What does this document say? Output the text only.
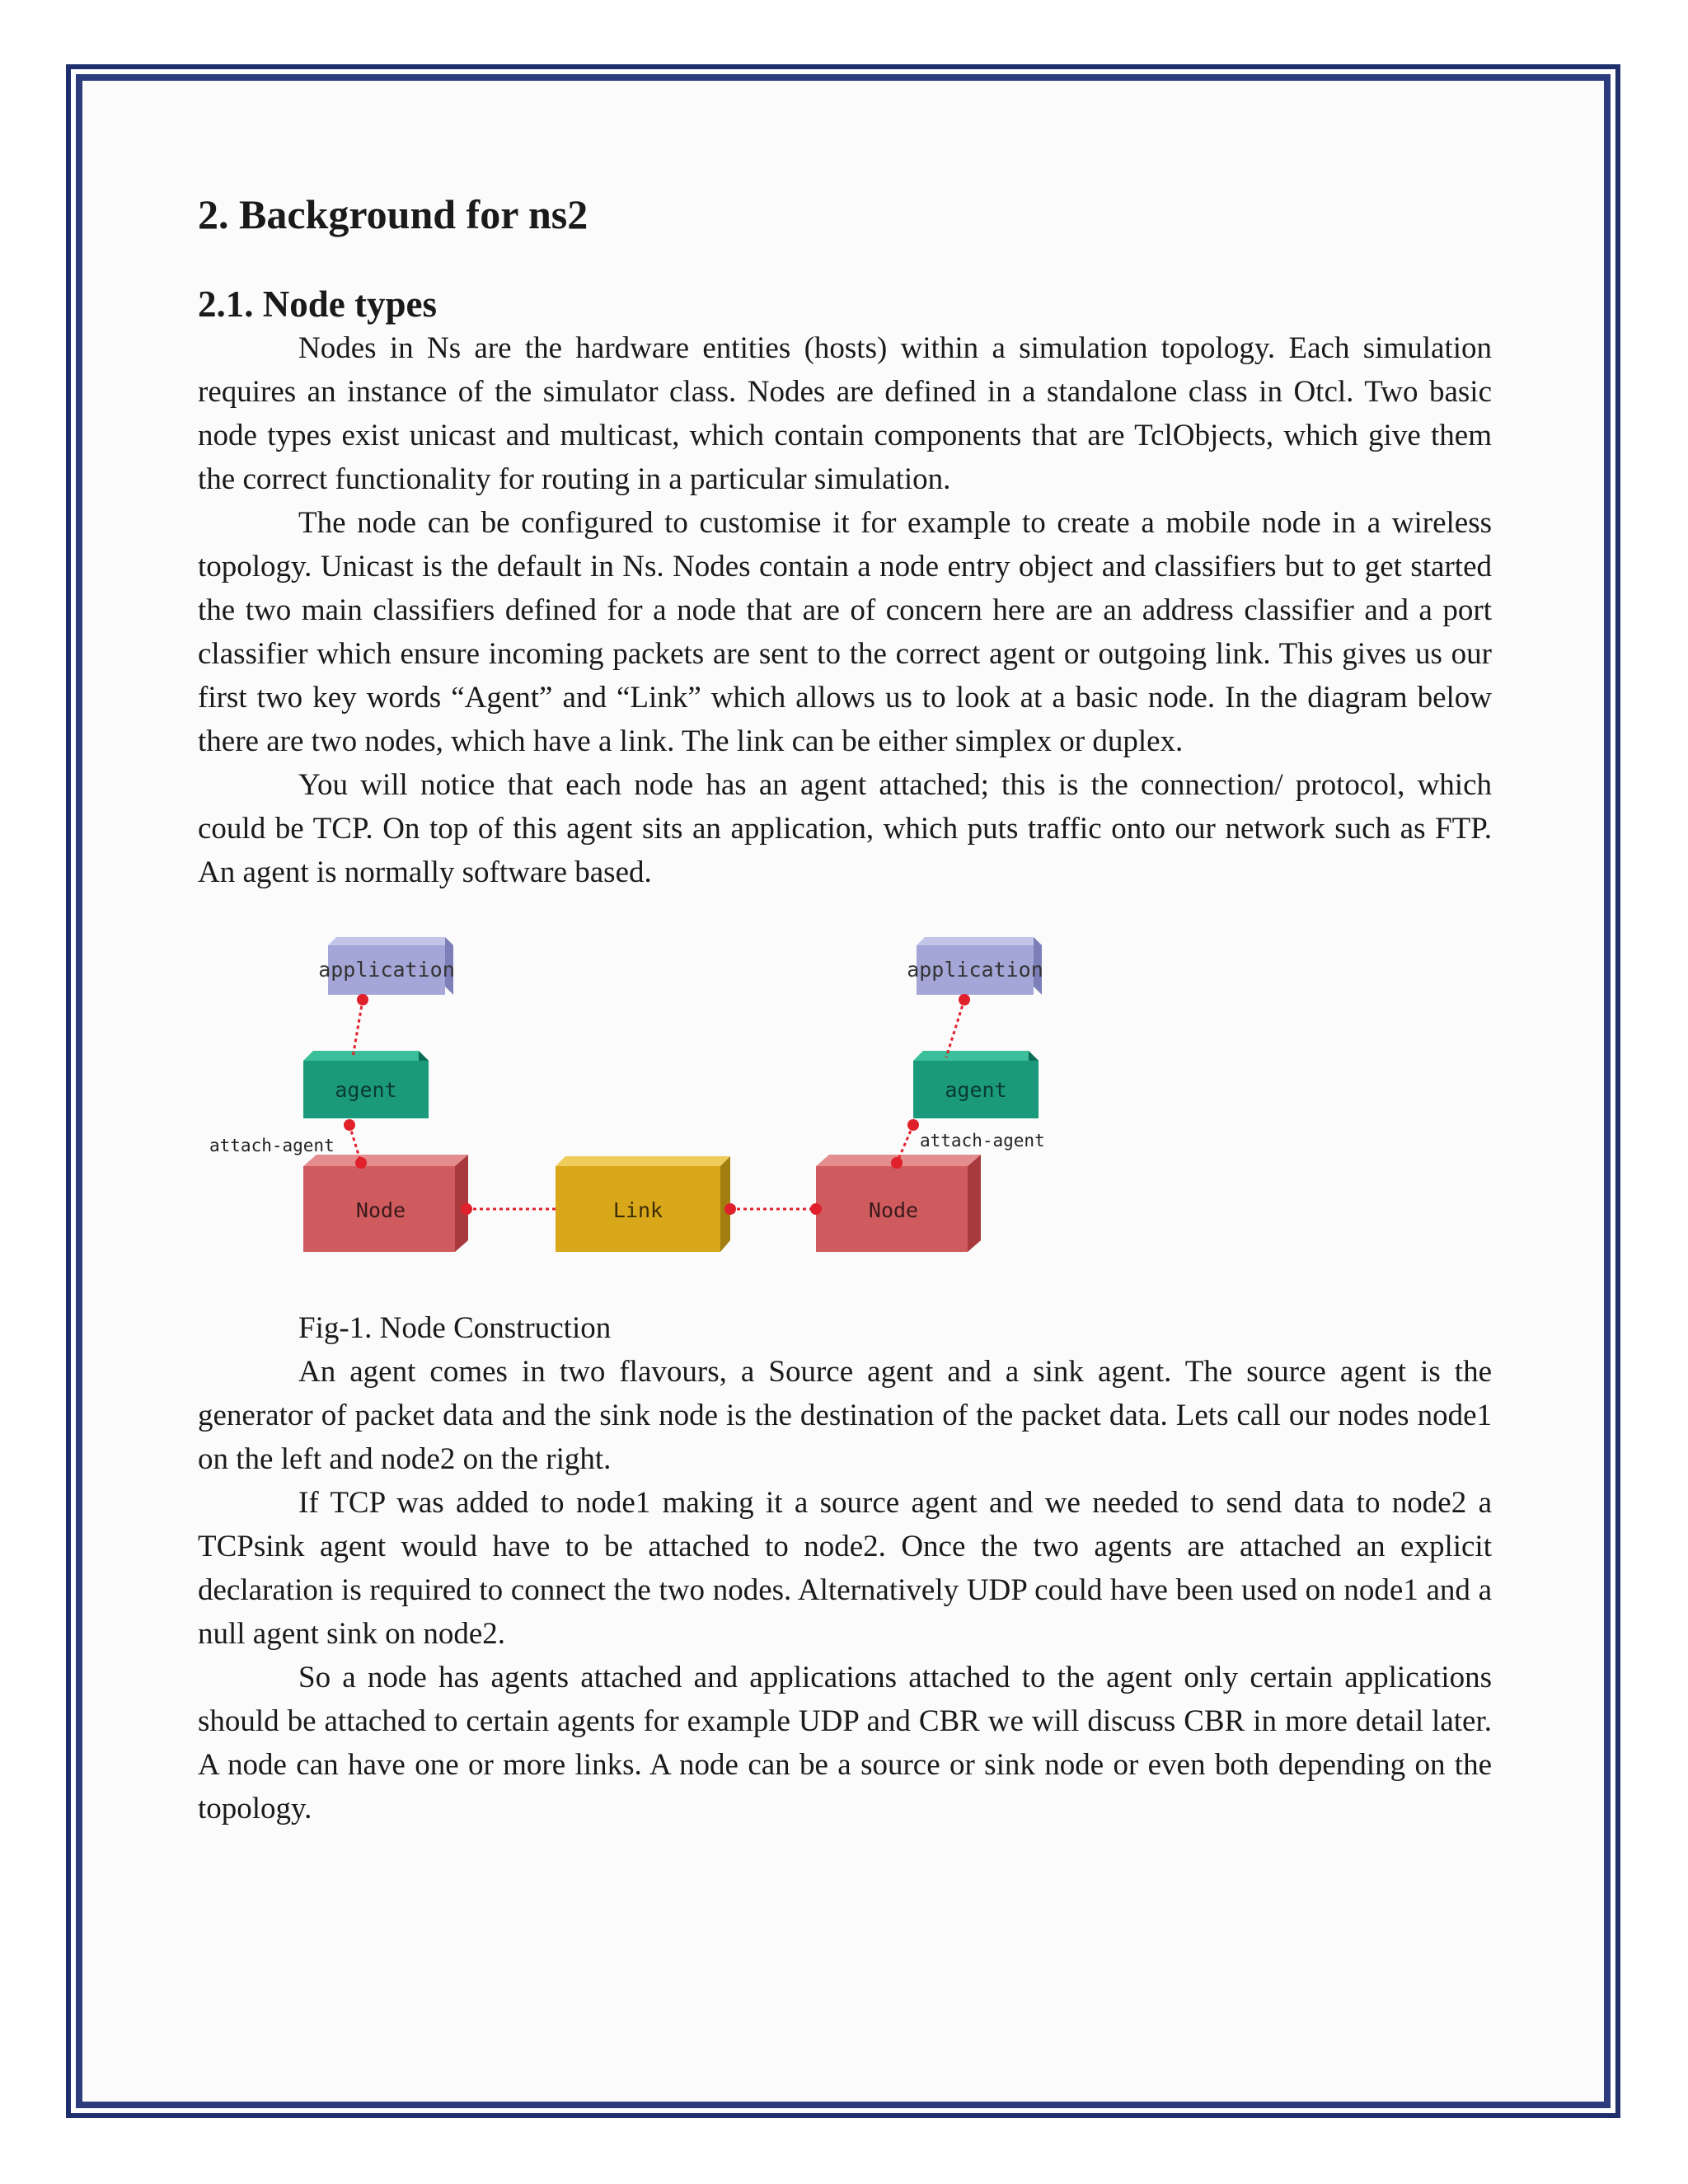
2. Background for ns2
2.1. Node types

Nodes in Ns are the hardware entities (hosts) within a simulation topology. Each simulation requires an instance of the simulator class. Nodes are defined in a standalone class in Otcl. Two basic node types exist unicast and multicast, which contain components that are TclObjects, which give them the correct functionality for routing in a particular simulation.

The node can be configured to customise it for example to create a mobile node in a wireless topology. Unicast is the default in Ns. Nodes contain a node entry object and classifiers but to get started the two main classifiers defined for a node that are of concern here are an address classifier and a port classifier which ensure incoming packets are sent to the correct agent or outgoing link. This gives us our first two key words “Agent” and “Link” which allows us to look at a basic node. In the diagram below there are two nodes, which have a link. The link can be either simplex or duplex.

You will notice that each node has an agent attached; this is the connection/ protocol, which could be TCP. On top of this agent sits an application, which puts traffic onto our network such as FTP. An agent is normally software based.

application	application
agent	agent
Node	Link	Node
attach-agent	attach-agent
Fig-1. Node Construction

An agent comes in two flavours, a Source agent and a sink agent. The source agent is the generator of packet data and the sink node is the destination of the packet data. Lets call our nodes node1 on the left and node2 on the right.

If TCP was added to node1 making it a source agent and we needed to send data to node2 a TCPsink agent would have to be attached to node2. Once the two agents are attached an explicit declaration is required to connect the two nodes. Alternatively UDP could have been used on node1 and a null agent sink on node2.

So a node has agents attached and applications attached to the agent only certain applications should be attached to certain agents for example UDP and CBR we will discuss CBR in more detail later. A node can have one or more links. A node can be a source or sink node or even both depending on the topology.
